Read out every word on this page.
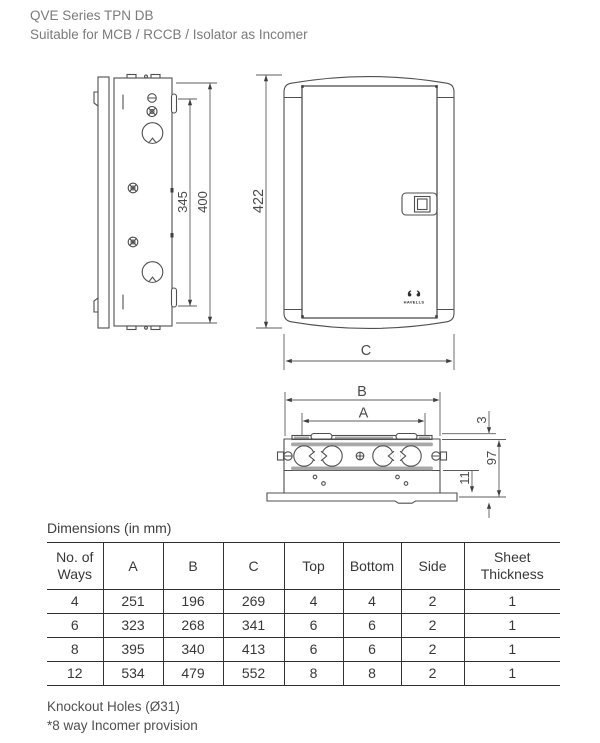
QVE Series TPN DB
Suitable for MCB / RCCB / Isolator as Incomer
345 400
HAVELLS
422
C
B
A	3
97
11
Dimensions (in mm)
No. of Ways	A	B	C	Top	Bottom	Side	Sheet Thickness
4	251	196	269	4	4	2	1
6	323	268	341	6	6	2	1
8	395	340	413	6	6	2	1
12	534	479	552	8	8	2	1
Knockout Holes (Ø31)
*8 way Incomer provision
